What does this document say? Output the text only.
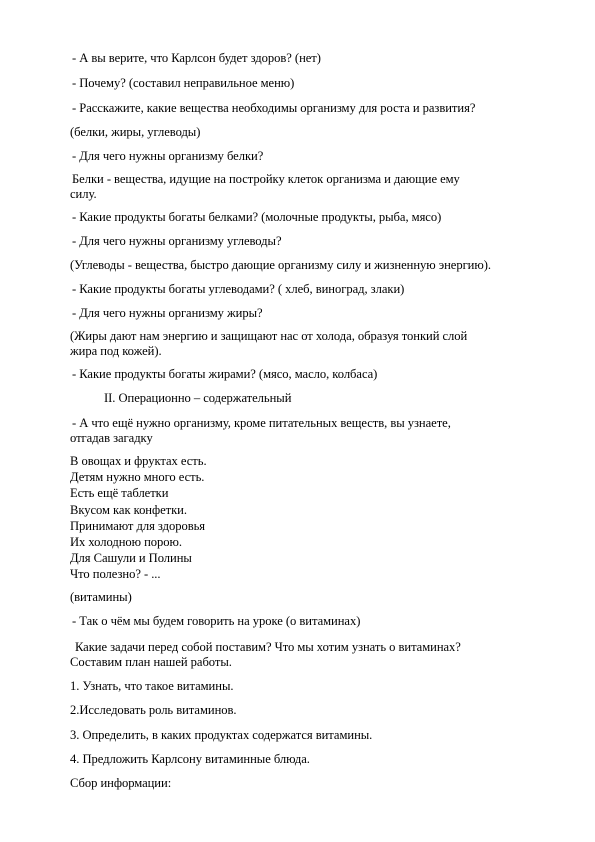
- А вы верите, что Карлсон будет здоров? (нет)
- Почему? (составил неправильное меню)
- Расскажите, какие вещества необходимы организму для роста и развития?
(белки, жиры, углеводы)
- Для чего нужны организму белки?
Белки - вещества, идущие на постройку клеток организма и дающие ему
силу.
- Какие продукты богаты белками? (молочные продукты, рыба, мясо)
- Для чего нужны организму углеводы?
(Углеводы - вещества, быстро дающие организму силу и жизненную энергию).
- Какие продукты богаты углеводами? ( хлеб, виноград, злаки)
- Для чего нужны организму жиры?
(Жиры дают нам энергию и защищают нас от холода, образуя тонкий слой
жира под кожей).
- Какие продукты богаты жирами? (мясо, масло, колбаса)
II. Операционно – содержательный
- А что ещё нужно организму, кроме питательных веществ, вы узнаете,
отгадав загадку
В овощах и фруктах есть.
Детям нужно много есть.
Есть ещё таблетки
Вкусом как конфетки.
Принимают для здоровья
Их холодною порою.
Для Сашули и Полины
Что полезно? - ...
(витамины)
- Так о чём мы будем говорить на уроке (о витаминах)
Какие задачи перед собой поставим? Что мы хотим узнать о витаминах?
Составим план нашей работы.
1. Узнать, что такое витамины.
2.Исследовать роль витаминов.
3. Определить, в каких продуктах содержатся витамины.
4. Предложить Карлсону витаминные блюда.
Сбор информации:
